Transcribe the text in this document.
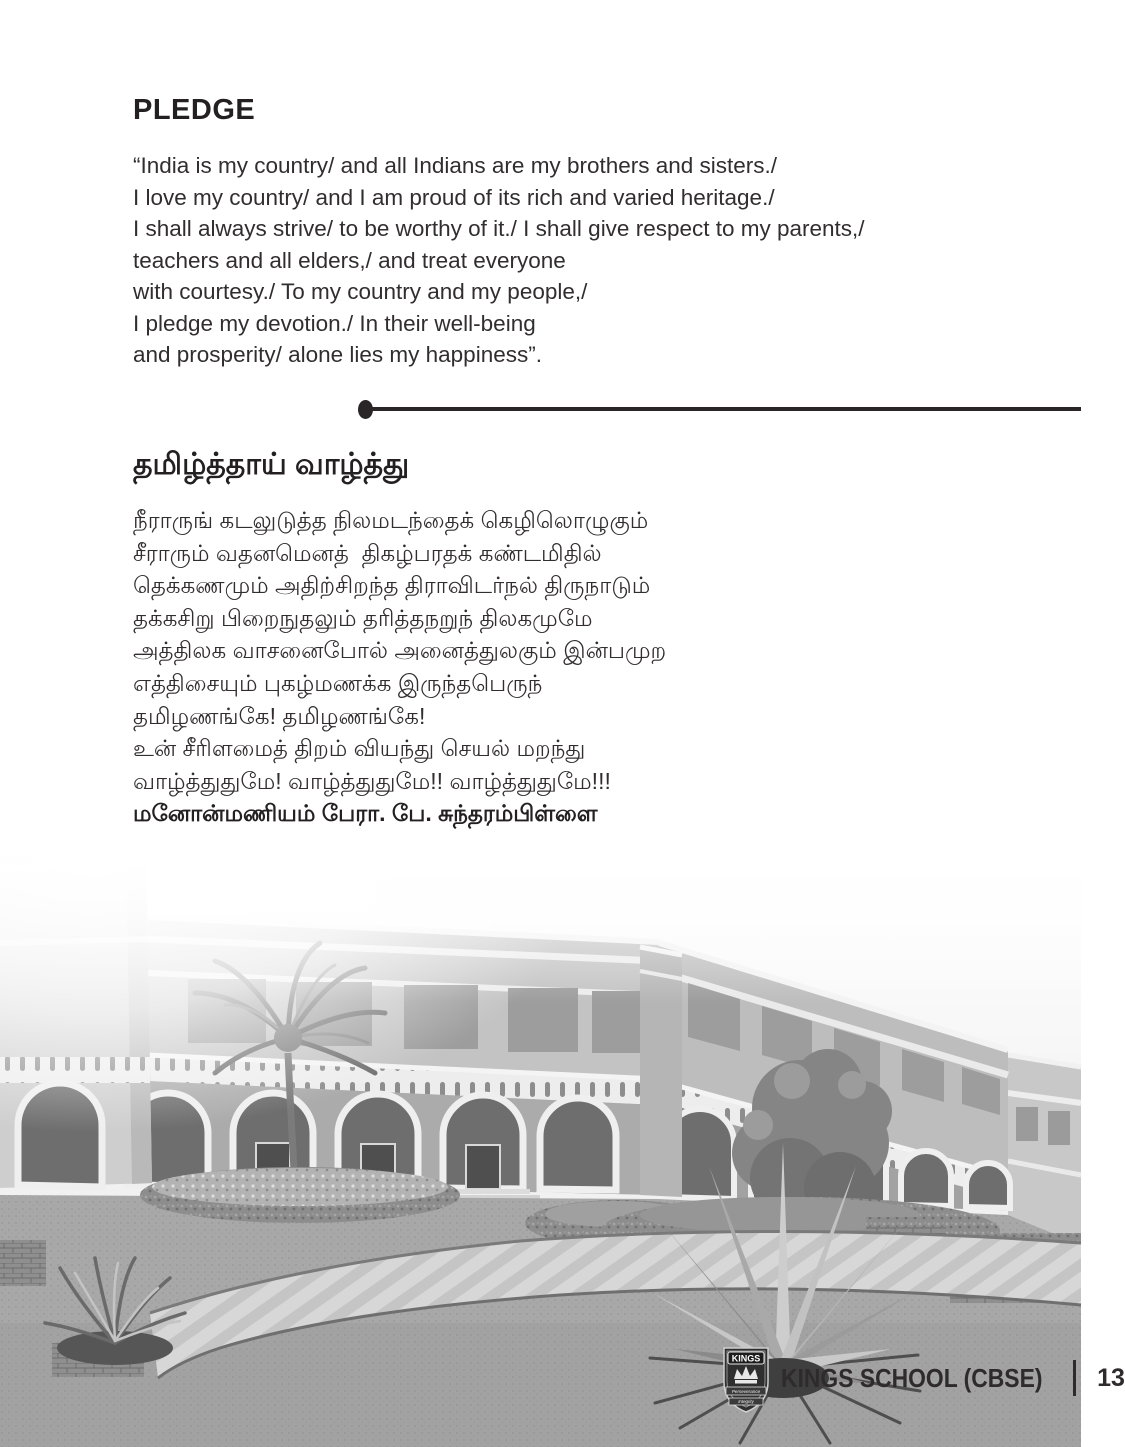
PLEDGE
“India is my country/ and all Indians are my brothers and sisters./
I love my country/ and I am proud of its rich and varied heritage./
I shall always strive/ to be worthy of it./ I shall give respect to my parents,/
teachers and all elders,/ and treat everyone
with courtesy./ To my country and my people,/
I pledge my devotion./ In their well-being
and prosperity/ alone lies my happiness”.
தமிழ்த்தாய் வாழ்த்து
நீராருங் கடலுடுத்த நிலமடந்தைக் கெழிலொழுகும்
சீராரும் வதனமெனத்  திகழ்பரதக் கண்டமிதில்
தெக்கணமும் அதிற்சிறந்த திராவிடர்நல் திருநாடும்
தக்கசிறு பிறைநுதலும் தரித்தநறுந் திலகமுமே
அத்திலக வாசனைபோல் அனைத்துலகும் இன்பமுற
எத்திசையும் புகழ்மணக்க இருந்தபெருந்
தமிழணங்கே! தமிழணங்கே!
உன் சீரிளமைத் திறம் வியந்து செயல் மறந்து
வாழ்த்துதுமே! வாழ்த்துதுமே!! வாழ்த்துதுமே!!!
மனோன்மணியம் பேரா. பே. சுந்தரம்பிள்ளை
KINGS
Perseverance
Integrity
KINGS SCHOOL (CBSE) 13
